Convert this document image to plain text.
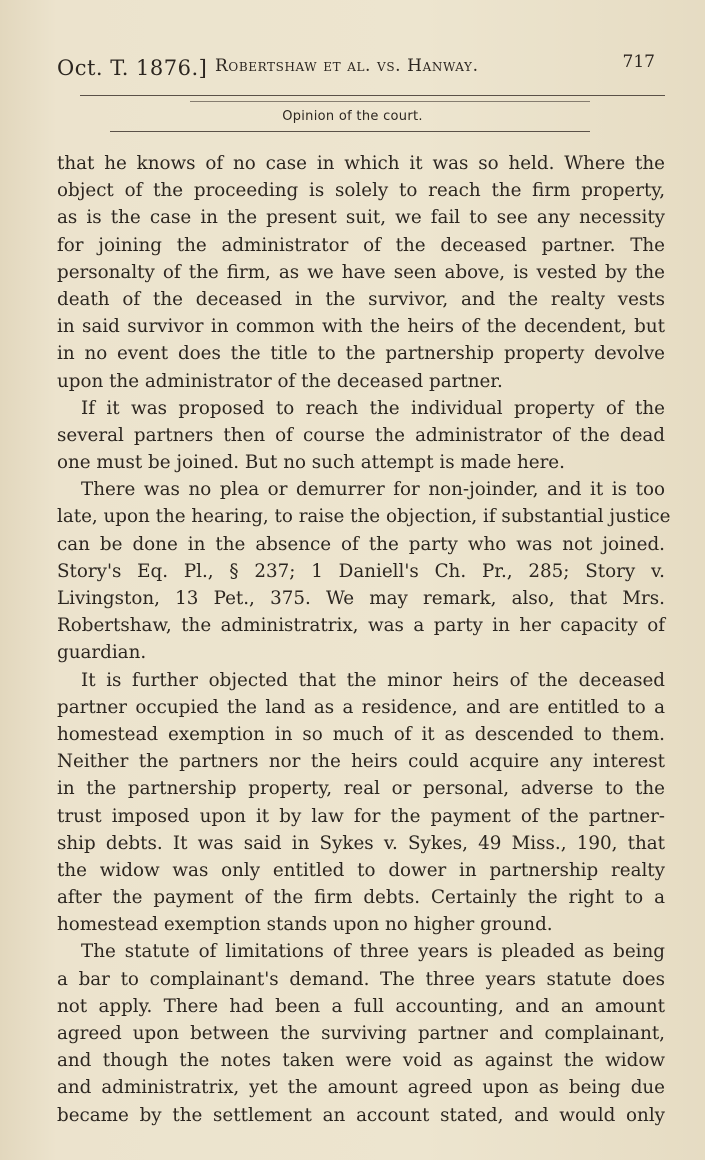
Oct. T. 1876.] Robertshaw et al. vs. Hanway.	717
Opinion of the court.
that he knows of no case in which it was so held. Where the
object of the proceeding is solely to reach the firm property,
as is the case in the present suit, we fail to see any necessity
for joining the administrator of the deceased partner. The
personalty of the firm, as we have seen above, is vested by the
death of the deceased in the survivor, and the realty vests
in said survivor in common with the heirs of the decendent, but
in no event does the title to the partnership property devolve
upon the administrator of the deceased partner.
If it was proposed to reach the individual property of the
several partners then of course the administrator of the dead
one must be joined. But no such attempt is made here.
There was no plea or demurrer for non-joinder, and it is too
late, upon the hearing, to raise the objection, if substantial justice
can be done in the absence of the party who was not joined.
Story's Eq. Pl., § 237; 1 Daniell's Ch. Pr., 285; Story v.
Livingston, 13 Pet., 375. We may remark, also, that Mrs.
Robertshaw, the administratrix, was a party in her capacity of
guardian.
It is further objected that the minor heirs of the deceased
partner occupied the land as a residence, and are entitled to a
homestead exemption in so much of it as descended to them.
Neither the partners nor the heirs could acquire any interest
in the partnership property, real or personal, adverse to the
trust imposed upon it by law for the payment of the partner-
ship debts. It was said in Sykes v. Sykes, 49 Miss., 190, that
the widow was only entitled to dower in partnership realty
after the payment of the firm debts. Certainly the right to a
homestead exemption stands upon no higher ground.
The statute of limitations of three years is pleaded as being
a bar to complainant's demand. The three years statute does
not apply. There had been a full accounting, and an amount
agreed upon between the surviving partner and complainant,
and though the notes taken were void as against the widow
and administratrix, yet the amount agreed upon as being due
became by the settlement an account stated, and would only
